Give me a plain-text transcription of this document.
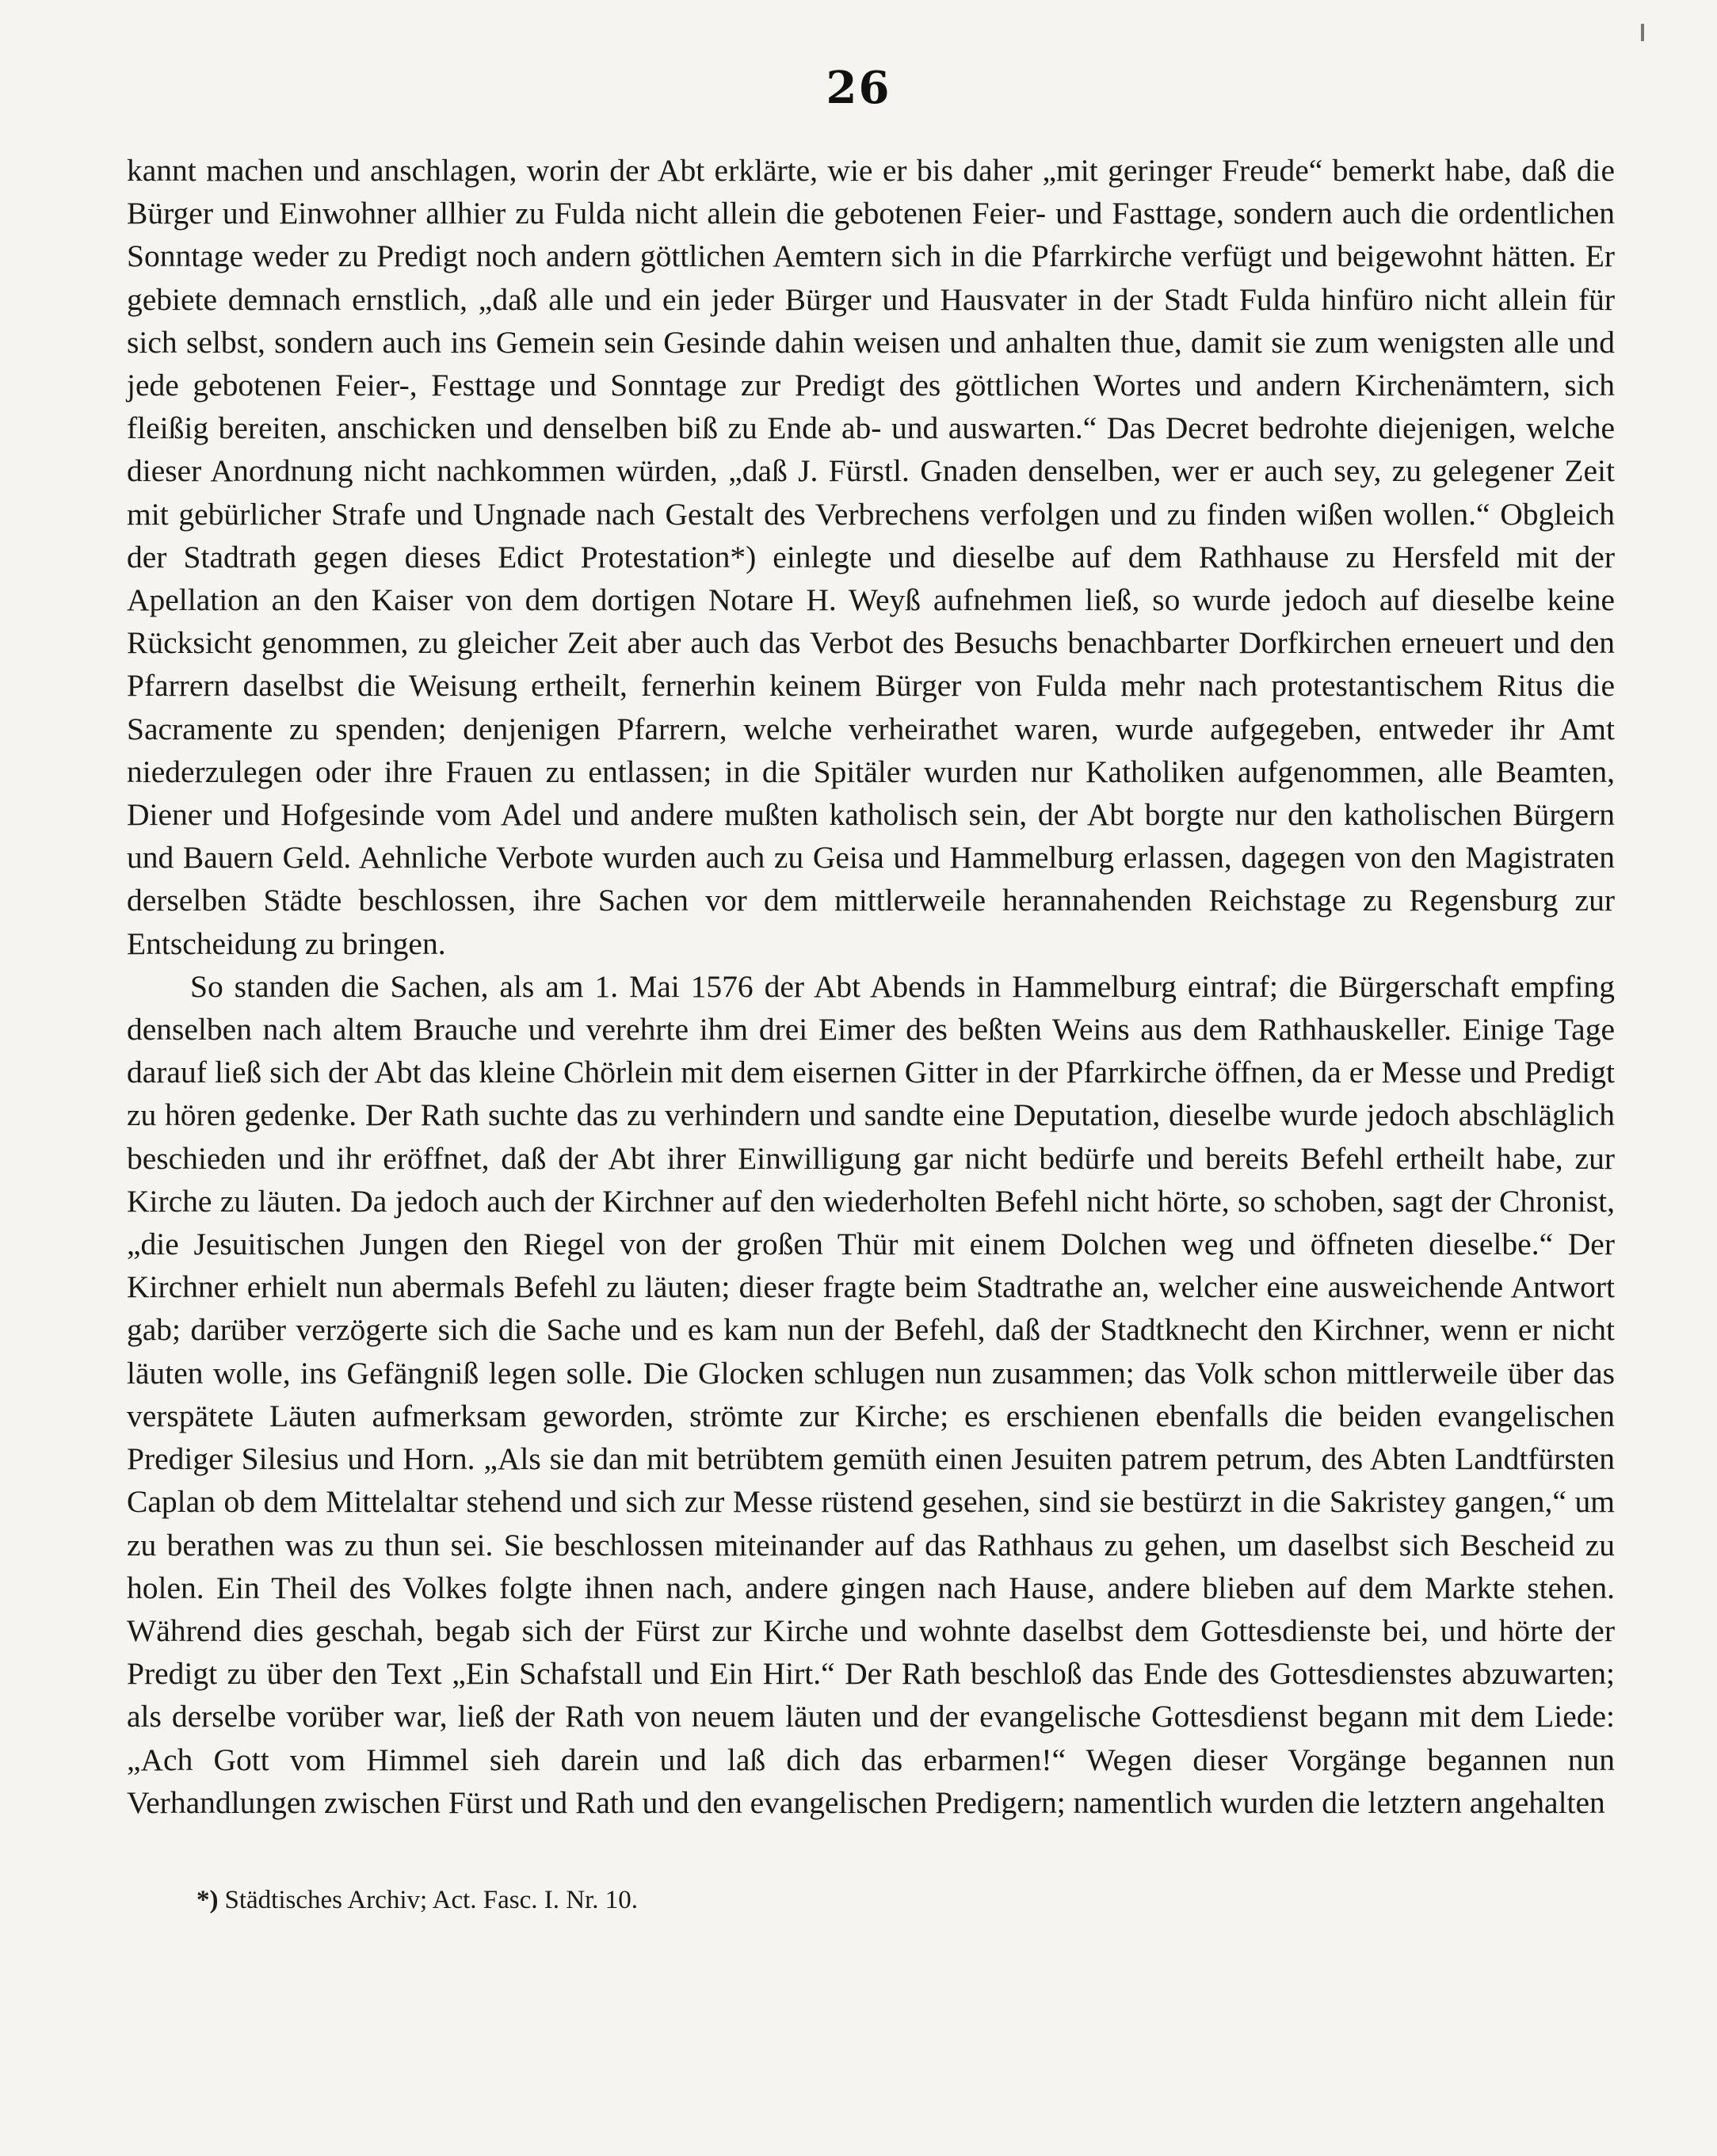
26

kannt machen und anschlagen, worin der Abt erklärte, wie er bis daher „mit geringer Freude“ bemerkt habe, daß die Bürger und Einwohner allhier zu Fulda nicht allein die gebotenen Feier- und Fasttage, sondern auch die ordentlichen Sonntage weder zu Predigt noch andern göttlichen Aemtern sich in die Pfarrkirche verfügt und beigewohnt hätten. Er gebiete demnach ernstlich, „daß alle und ein jeder Bürger und Hausvater in der Stadt Fulda hinfüro nicht allein für sich selbst, sondern auch ins Gemein sein Gesinde dahin weisen und anhalten thue, damit sie zum wenigsten alle und jede gebotenen Feier-, Festtage und Sonntage zur Predigt des göttlichen Wortes und andern Kirchenämtern, sich fleißig bereiten, anschicken und denselben biß zu Ende ab- und auswarten.“ Das Decret bedrohte diejenigen, welche dieser Anordnung nicht nachkommen würden, „daß J. Fürstl. Gnaden denselben, wer er auch sey, zu gelegener Zeit mit gebürlicher Strafe und Ungnade nach Gestalt des Verbrechens verfolgen und zu finden wißen wollen.“ Obgleich der Stadtrath gegen dieses Edict Protestation*) einlegte und dieselbe auf dem Rathhause zu Hersfeld mit der Apellation an den Kaiser von dem dortigen Notare H. Weyß aufnehmen ließ, so wurde jedoch auf dieselbe keine Rücksicht genommen, zu gleicher Zeit aber auch das Verbot des Besuchs benachbarter Dorfkirchen erneuert und den Pfarrern daselbst die Weisung ertheilt, fernerhin keinem Bürger von Fulda mehr nach protestantischem Ritus die Sacramente zu spenden; denjenigen Pfarrern, welche verheirathet waren, wurde aufgegeben, entweder ihr Amt niederzulegen oder ihre Frauen zu entlassen; in die Spitäler wurden nur Katholiken aufgenommen, alle Beamten, Diener und Hofgesinde vom Adel und andere mußten katholisch sein, der Abt borgte nur den katholischen Bürgern und Bauern Geld. Aehnliche Verbote wurden auch zu Geisa und Hammelburg erlassen, dagegen von den Magistraten derselben Städte beschlossen, ihre Sachen vor dem mittlerweile herannahenden Reichstage zu Regensburg zur Entscheidung zu bringen.

So standen die Sachen, als am 1. Mai 1576 der Abt Abends in Hammelburg eintraf; die Bürgerschaft empfing denselben nach altem Brauche und verehrte ihm drei Eimer des beßten Weins aus dem Rathhauskeller. Einige Tage darauf ließ sich der Abt das kleine Chörlein mit dem eisernen Gitter in der Pfarrkirche öffnen, da er Messe und Predigt zu hören gedenke. Der Rath suchte das zu verhindern und sandte eine Deputation, dieselbe wurde jedoch abschläglich beschieden und ihr eröffnet, daß der Abt ihrer Einwilligung gar nicht bedürfe und bereits Befehl ertheilt habe, zur Kirche zu läuten. Da jedoch auch der Kirchner auf den wiederholten Befehl nicht hörte, so schoben, sagt der Chronist, „die Jesuitischen Jungen den Riegel von der großen Thür mit einem Dolchen weg und öffneten dieselbe.“ Der Kirchner erhielt nun abermals Befehl zu läuten; dieser fragte beim Stadtrathe an, welcher eine ausweichende Antwort gab; darüber verzögerte sich die Sache und es kam nun der Befehl, daß der Stadtknecht den Kirchner, wenn er nicht läuten wolle, ins Gefängniß legen solle. Die Glocken schlugen nun zusammen; das Volk schon mittlerweile über das verspätete Läuten aufmerksam geworden, strömte zur Kirche; es erschienen ebenfalls die beiden evangelischen Prediger Silesius und Horn. „Als sie dan mit betrübtem gemüth einen Jesuiten patrem petrum, des Abten Landtfürsten Caplan ob dem Mittelaltar stehend und sich zur Messe rüstend gesehen, sind sie bestürzt in die Sakristey gangen,“ um zu berathen was zu thun sei. Sie beschlossen miteinander auf das Rathhaus zu gehen, um daselbst sich Bescheid zu holen. Ein Theil des Volkes folgte ihnen nach, andere gingen nach Hause, andere blieben auf dem Markte stehen. Während dies geschah, begab sich der Fürst zur Kirche und wohnte daselbst dem Gottesdienste bei, und hörte der Predigt zu über den Text „Ein Schafstall und Ein Hirt.“ Der Rath beschloß das Ende des Gottesdienstes abzuwarten; als derselbe vorüber war, ließ der Rath von neuem läuten und der evangelische Gottesdienst begann mit dem Liede: „Ach Gott vom Himmel sieh darein und laß dich das erbarmen!“ Wegen dieser Vorgänge begannen nun Verhandlungen zwischen Fürst und Rath und den evangelischen Predigern; namentlich wurden die letztern angehalten

*) Städtisches Archiv; Act. Fasc. I. Nr. 10.
